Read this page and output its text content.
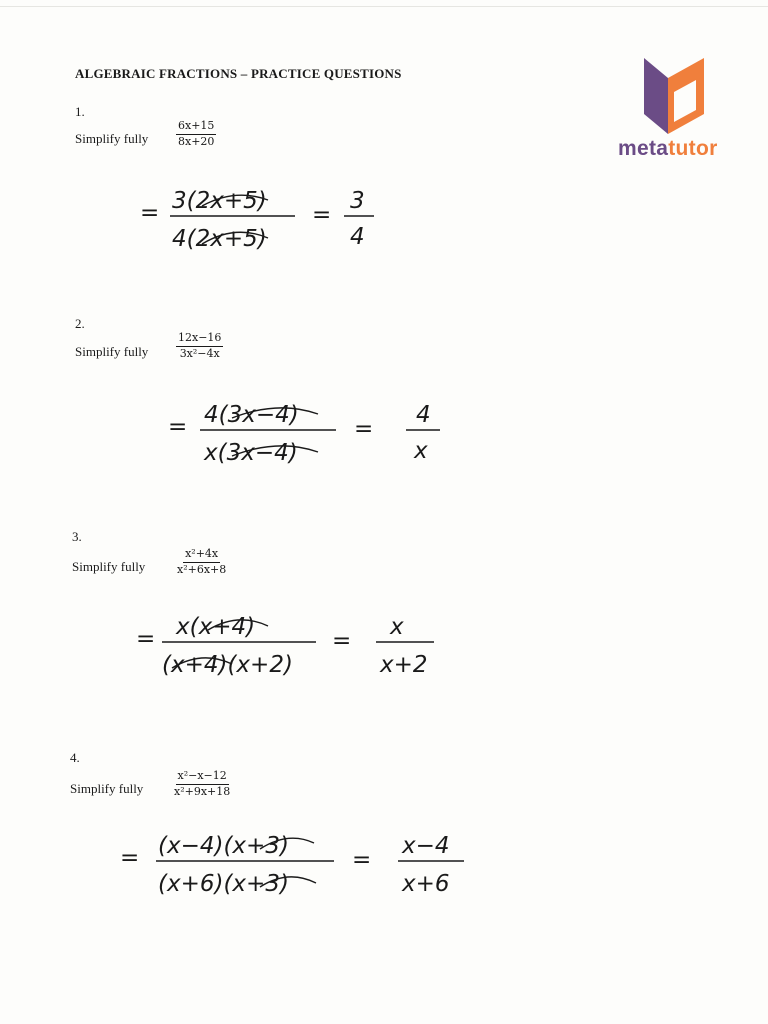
ALGEBRAIC FRACTIONS – PRACTICE QUESTIONS
metatutor
1.
Simplify fully	$\frac{6x+15}{8x+20}$
= 3(2x+5)
4(2x+5)
=
3
4
2.
Simplify fully	$\frac{12x-16}{\text{3x²−4x}}$
= 4(3x−4)
x(3x−4)
=
4
x
3.
Simplify fully	$\frac{\text{x²+4x}}{\text{x²+6x+8}}$
= x(x+4)
(x+4)(x+2)
=
x
x+2
4.
Simplify fully	$\frac{\text{x²−x−12}}{\text{x²+9x+18}}$
= (x−4)(x+3)
(x+6)(x+3)
=
x−4
x+6
